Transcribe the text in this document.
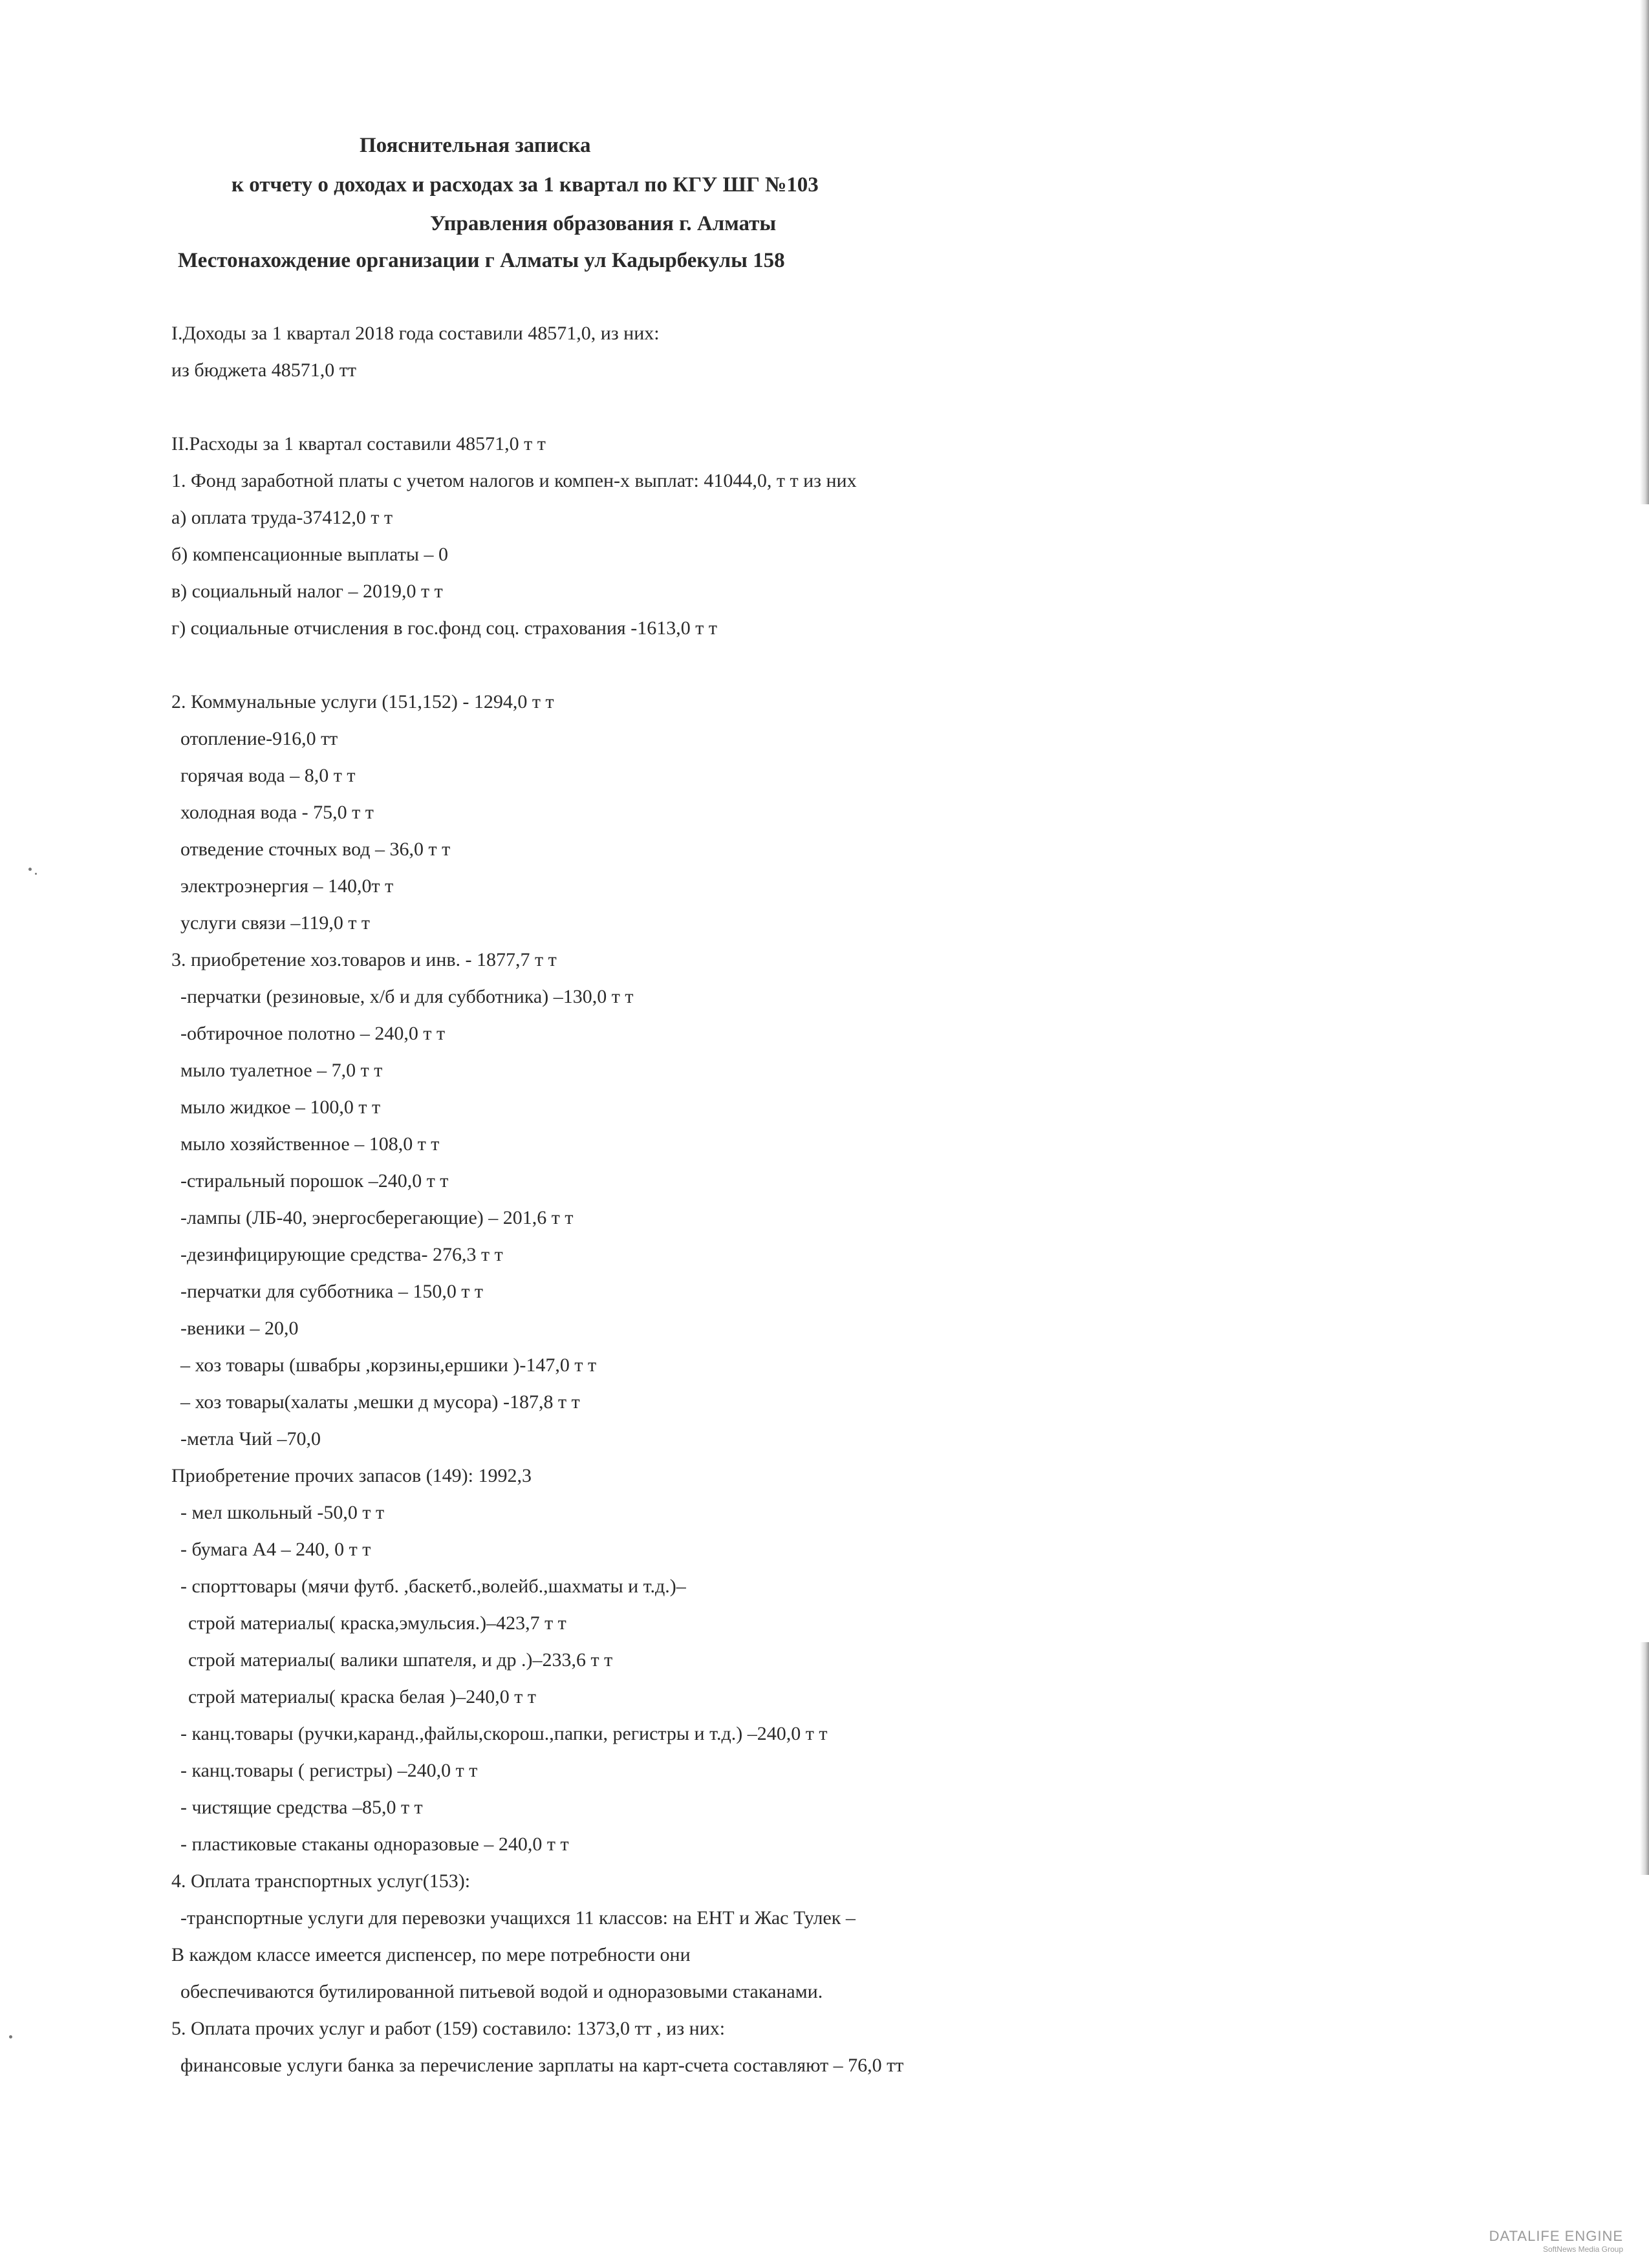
Пояснительная записка
к отчету о доходах и расходах за 1 квартал по КГУ ШГ №103
Управления образования г. Алматы
Местонахождение организации г Алматы ул Кадырбекулы 158
I.Доходы за 1 квартал 2018 года составили 48571,0, из них:
из бюджета 48571,0 тт
II.Расходы за 1 квартал составили 48571,0 т т
1. Фонд заработной платы с учетом налогов и компен-х выплат: 41044,0, т т из них
а) оплата труда-37412,0 т т
б) компенсационные выплаты – 0
в) социальный налог – 2019,0 т т
г) социальные отчисления в гос.фонд соц. страхования -1613,0 т т
2. Коммунальные услуги (151,152) - 1294,0 т т
отопление-916,0 тт
горячая вода – 8,0 т т
холодная вода - 75,0 т т
отведение сточных вод – 36,0 т т
электроэнергия – 140,0т т
услуги связи –119,0 т т
3. приобретение хоз.товаров и инв. - 1877,7 т т
-перчатки (резиновые, х/б и для субботника) –130,0 т т
-обтирочное полотно – 240,0 т т
мыло туалетное – 7,0 т т
мыло жидкое – 100,0 т т
мыло хозяйственное – 108,0 т т
-стиральный порошок –240,0 т т
-лампы (ЛБ-40, энергосберегающие) – 201,6 т т
-дезинфицирующие средства- 276,3 т т
-перчатки для субботника – 150,0 т т
-веники – 20,0
– хоз товары (швабры ,корзины,ершики )-147,0 т т
– хоз товары(халаты ,мешки д мусора) -187,8 т т
-метла Чий –70,0
Приобретение прочих запасов (149): 1992,3
- мел школьный -50,0 т т
- бумага А4 – 240, 0 т т
- спорттовары (мячи футб. ,баскетб.,волейб.,шахматы и т.д.)–
строй материалы( краска,эмульсия.)–423,7 т т
строй материалы( валики шпателя, и др .)–233,6 т т
строй материалы( краска белая )–240,0 т т
- канц.товары (ручки,каранд.,файлы,скорош.,папки, регистры и т.д.) –240,0 т т
- канц.товары ( регистры) –240,0 т т
- чистящие средства –85,0 т т
- пластиковые стаканы одноразовые – 240,0 т т
4. Оплата транспортных услуг(153):
-транспортные услуги для перевозки учащихся 11 классов: на ЕНТ и Жас Тулек –
В каждом классе имеется диспенсер, по мере потребности они
обеспечиваются бутилированной питьевой водой и одноразовыми стаканами.
5. Оплата прочих услуг и работ (159) составило: 1373,0 тт , из них:
финансовые услуги банка за перечисление зарплаты на карт-счета составляют – 76,0 тт
DATALIFE ENGINE
SoftNews Media Group
